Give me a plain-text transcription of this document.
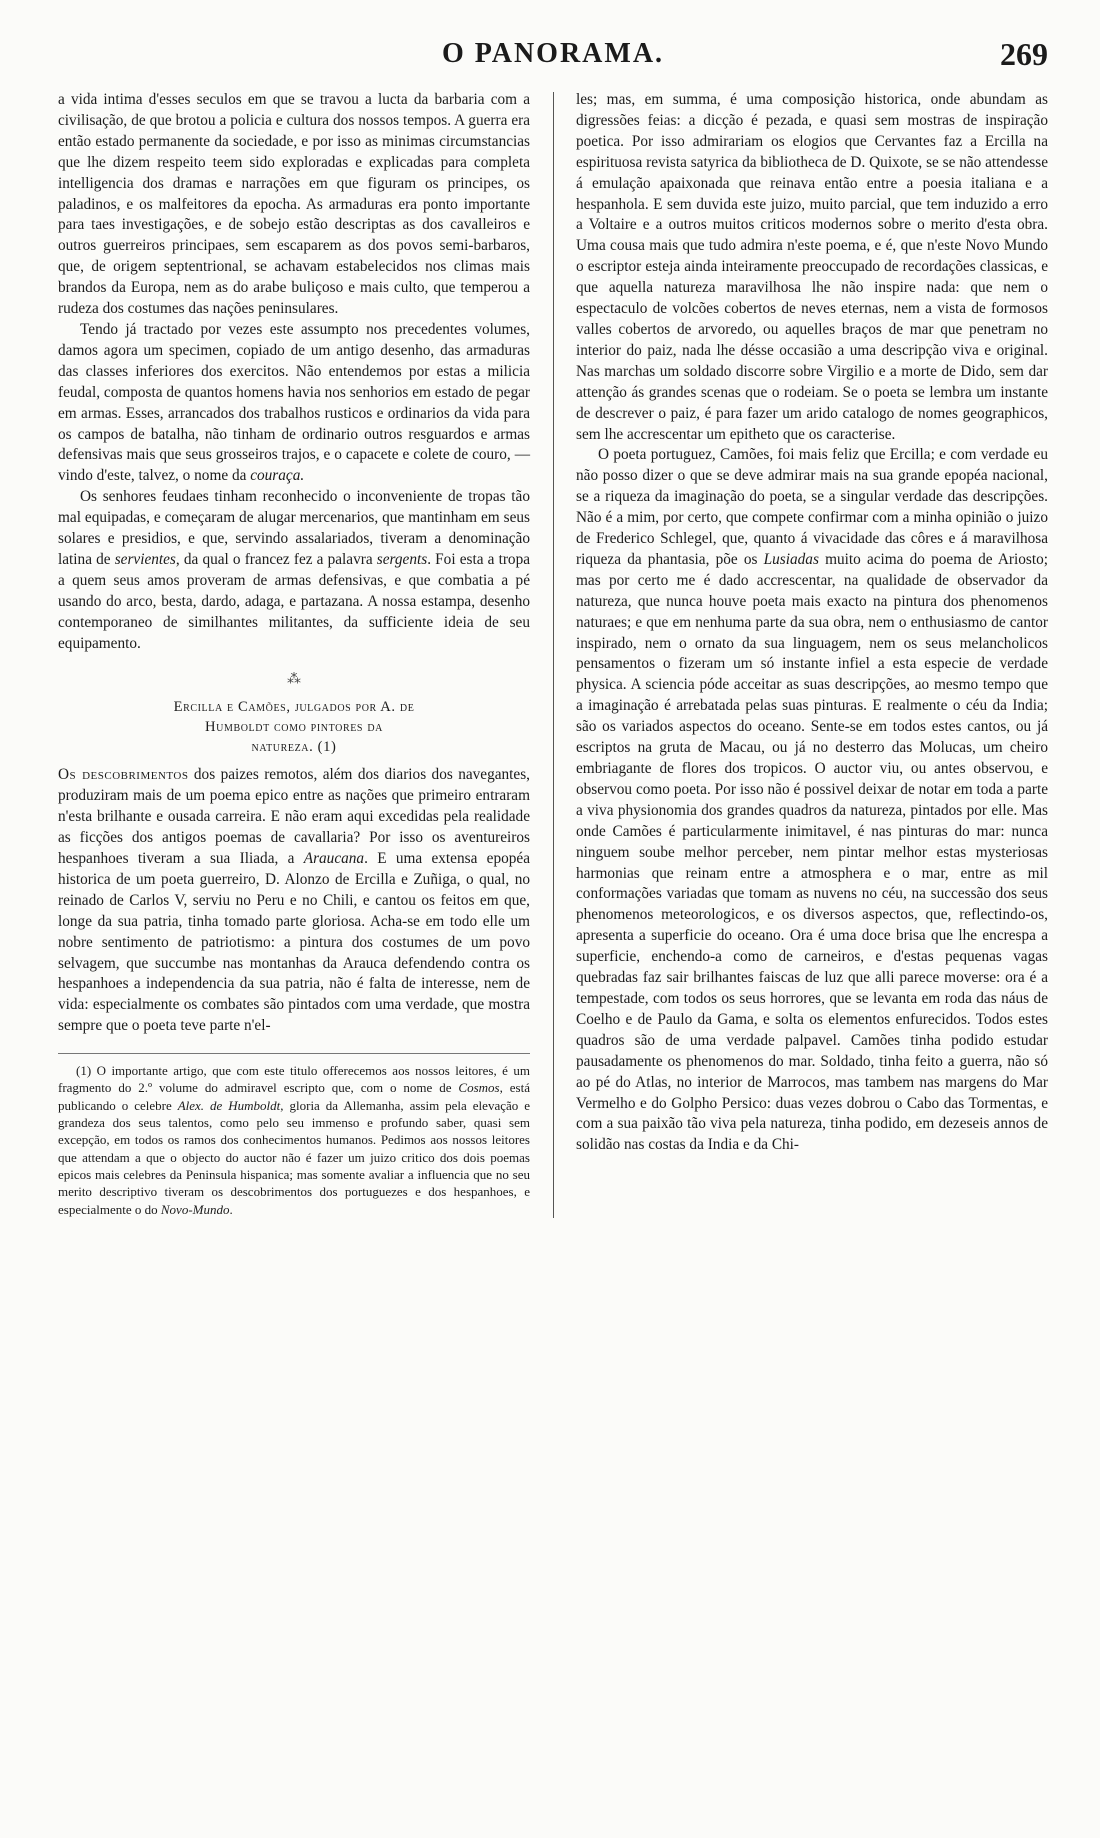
O PANORAMA.	269

a vida intima d'esses seculos em que se travou a lucta da barbaria com a civilisação, de que brotou a policia e cultura dos nossos tempos. A guerra era então estado permanente da sociedade, e por isso as minimas circumstancias que lhe dizem respeito teem sido exploradas e explicadas para completa intelligencia dos dramas e narrações em que figuram os principes, os paladinos, e os malfeitores da epocha. As armaduras era ponto importante para taes investigações, e de sobejo estão descriptas as dos cavalleiros e outros guerreiros principaes, sem escaparem as dos povos semi-barbaros, que, de origem septentrional, se achavam estabelecidos nos climas mais brandos da Europa, nem as do arabe buliçoso e mais culto, que temperou a rudeza dos costumes das nações peninsulares.

Tendo já tractado por vezes este assumpto nos precedentes volumes, damos agora um specimen, copiado de um antigo desenho, das armaduras das classes inferiores dos exercitos. Não entendemos por estas a milicia feudal, composta de quantos homens havia nos senhorios em estado de pegar em armas. Esses, arrancados dos trabalhos rusticos e ordinarios da vida para os campos de batalha, não tinham de ordinario outros resguardos e armas defensivas mais que seus grosseiros trajos, e o capacete e colete de couro, — vindo d'este, talvez, o nome da couraça.

Os senhores feudaes tinham reconhecido o inconveniente de tropas tão mal equipadas, e começaram de alugar mercenarios, que mantinham em seus solares e presidios, e que, servindo assalariados, tiveram a denominação latina de servientes, da qual o francez fez a palavra sergents. Foi esta a tropa a quem seus amos proveram de armas defensivas, e que combatia a pé usando do arco, besta, dardo, adaga, e partazana. A nossa estampa, desenho contemporaneo de similhantes militantes, da sufficiente ideia de seu equipamento.

⁂
Ercilla e Camões, julgados por A. de
Humboldt como pintores da
natureza. (1)

Os descobrimentos dos paizes remotos, além dos diarios dos navegantes, produziram mais de um poema epico entre as nações que primeiro entraram n'esta brilhante e ousada carreira. E não eram aqui excedidas pela realidade as ficções dos antigos poemas de cavallaria? Por isso os aventureiros hespanhoes tiveram a sua Iliada, a Araucana. E uma extensa epopéa historica de um poeta guerreiro, D. Alonzo de Ercilla e Zuñiga, o qual, no reinado de Carlos V, serviu no Peru e no Chili, e cantou os feitos em que, longe da sua patria, tinha tomado parte gloriosa. Acha-se em todo elle um nobre sentimento de patriotismo: a pintura dos costumes de um povo selvagem, que succumbe nas montanhas da Arauca defendendo contra os hespanhoes a independencia da sua patria, não é falta de interesse, nem de vida: especialmente os combates são pintados com uma verdade, que mostra sempre que o poeta teve parte n'el-

(1) O importante artigo, que com este titulo offerecemos aos nossos leitores, é um fragmento do 2.º volume do admiravel escripto que, com o nome de Cosmos, está publicando o celebre Alex. de Humboldt, gloria da Allemanha, assim pela elevação e grandeza dos seus talentos, como pelo seu immenso e profundo saber, quasi sem excepção, em todos os ramos dos conhecimentos humanos. Pedimos aos nossos leitores que attendam a que o objecto do auctor não é fazer um juizo critico dos dois poemas epicos mais celebres da Peninsula hispanica; mas somente avaliar a influencia que no seu merito descriptivo tiveram os descobrimentos dos portuguezes e dos hespanhoes, e especialmente o do Novo-Mundo.

les; mas, em summa, é uma composição historica, onde abundam as digressões feias: a dicção é pezada, e quasi sem mostras de inspiração poetica. Por isso admirariam os elogios que Cervantes faz a Ercilla na espirituosa revista satyrica da bibliotheca de D. Quixote, se se não attendesse á emulação apaixonada que reinava então entre a poesia italiana e a hespanhola. E sem duvida este juizo, muito parcial, que tem induzido a erro a Voltaire e a outros muitos criticos modernos sobre o merito d'esta obra. Uma cousa mais que tudo admira n'este poema, e é, que n'este Novo Mundo o escriptor esteja ainda inteiramente preoccupado de recordações classicas, e que aquella natureza maravilhosa lhe não inspire nada: que nem o espectaculo de volcões cobertos de neves eternas, nem a vista de formosos valles cobertos de arvoredo, ou aquelles braços de mar que penetram no interior do paiz, nada lhe désse occasião a uma descripção viva e original. Nas marchas um soldado discorre sobre Virgilio e a morte de Dido, sem dar attenção ás grandes scenas que o rodeiam. Se o poeta se lembra um instante de descrever o paiz, é para fazer um arido catalogo de nomes geographicos, sem lhe accrescentar um epitheto que os caracterise.

O poeta portuguez, Camões, foi mais feliz que Ercilla; e com verdade eu não posso dizer o que se deve admirar mais na sua grande epopéa nacional, se a riqueza da imaginação do poeta, se a singular verdade das descripções. Não é a mim, por certo, que compete confirmar com a minha opinião o juizo de Frederico Schlegel, que, quanto á vivacidade das côres e á maravilhosa riqueza da phantasia, põe os Lusiadas muito acima do poema de Ariosto; mas por certo me é dado accrescentar, na qualidade de observador da natureza, que nunca houve poeta mais exacto na pintura dos phenomenos naturaes; e que em nenhuma parte da sua obra, nem o enthusiasmo de cantor inspirado, nem o ornato da sua linguagem, nem os seus melancholicos pensamentos o fizeram um só instante infiel a esta especie de verdade physica. A sciencia póde acceitar as suas descripções, ao mesmo tempo que a imaginação é arrebatada pelas suas pinturas. E realmente o céu da India; são os variados aspectos do oceano. Sente-se em todos estes cantos, ou já escriptos na gruta de Macau, ou já no desterro das Molucas, um cheiro embriagante de flores dos tropicos. O auctor viu, ou antes observou, e observou como poeta. Por isso não é possivel deixar de notar em toda a parte a viva physionomia dos grandes quadros da natureza, pintados por elle. Mas onde Camões é particularmente inimitavel, é nas pinturas do mar: nunca ninguem soube melhor perceber, nem pintar melhor estas mysteriosas harmonias que reinam entre a atmosphera e o mar, entre as mil conformações variadas que tomam as nuvens no céu, na successão dos seus phenomenos meteorologicos, e os diversos aspectos, que, reflectindo-os, apresenta a superficie do oceano. Ora é uma doce brisa que lhe encrespa a superficie, enchendo-a como de carneiros, e d'estas pequenas vagas quebradas faz sair brilhantes faiscas de luz que alli parece moverse: ora é a tempestade, com todos os seus horrores, que se levanta em roda das náus de Coelho e de Paulo da Gama, e solta os elementos enfurecidos. Todos estes quadros são de uma verdade palpavel. Camões tinha podido estudar pausadamente os phenomenos do mar. Soldado, tinha feito a guerra, não só ao pé do Atlas, no interior de Marrocos, mas tambem nas margens do Mar Vermelho e do Golpho Persico: duas vezes dobrou o Cabo das Tormentas, e com a sua paixão tão viva pela natureza, tinha podido, em dezeseis annos de solidão nas costas da India e da Chi-
